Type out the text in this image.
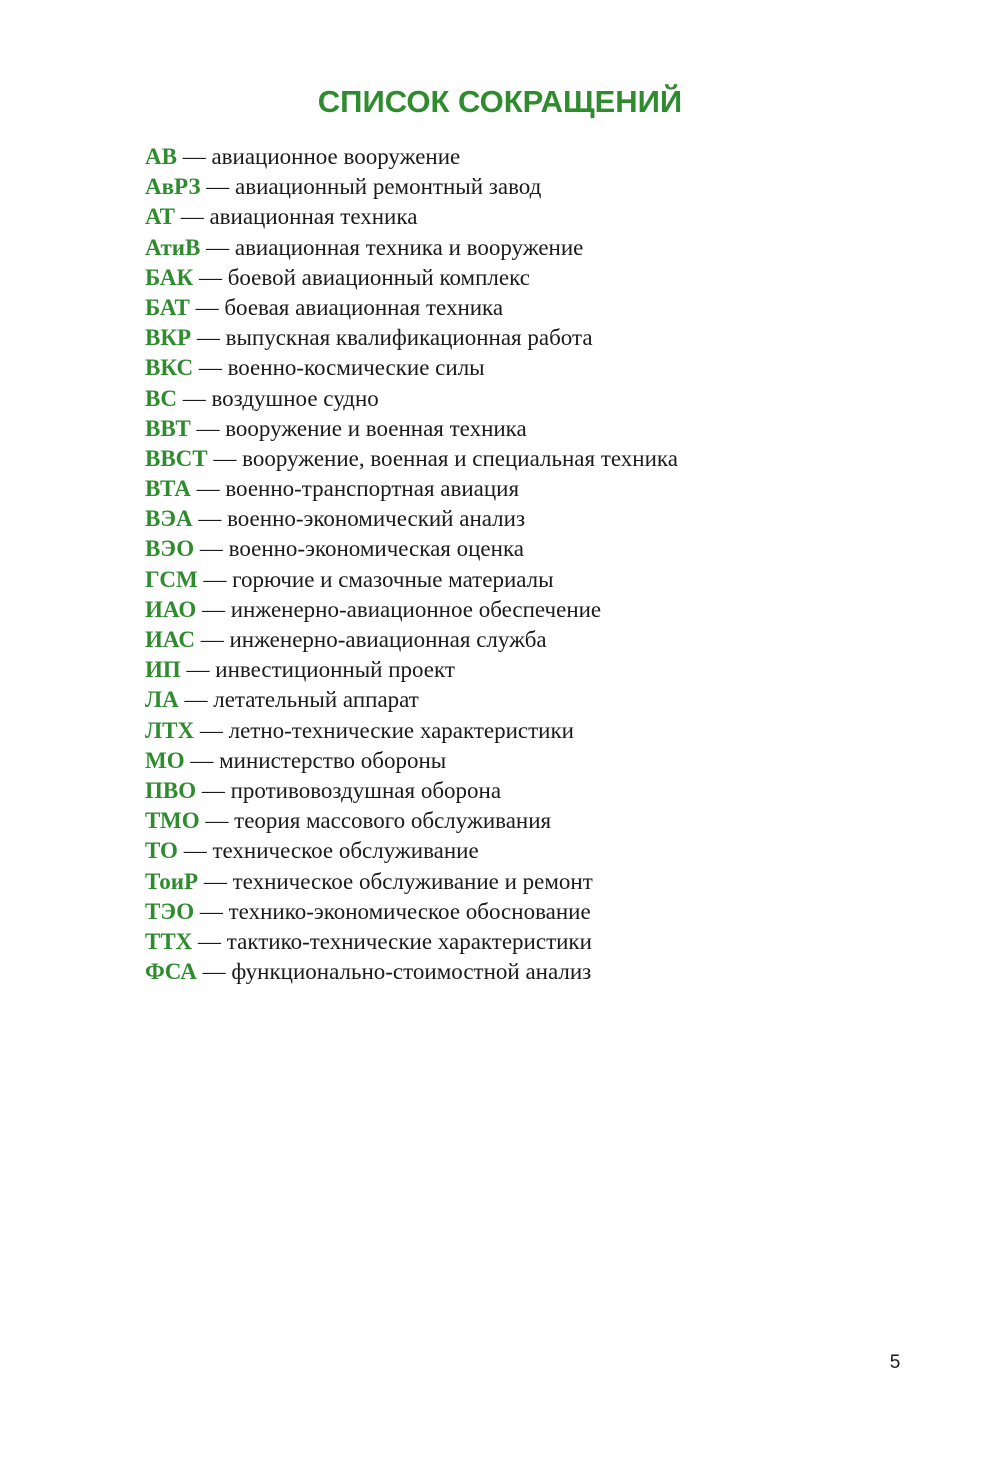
СПИСОК СОКРАЩЕНИЙ
АВ — авиационное вооружение
АвРЗ — авиационный ремонтный завод
АТ — авиационная техника
АтиВ — авиационная техника и вооружение
БАК — боевой авиационный комплекс
БАТ — боевая авиационная техника
ВКР — выпускная квалификационная работа
ВКС — военно-космические силы
ВС — воздушное судно
ВВТ — вооружение и военная техника
ВВСТ — вооружение, военная и специальная техника
ВТА — военно-транспортная авиация
ВЭА — военно-экономический анализ
ВЭО — военно-экономическая оценка
ГСМ — горючие и смазочные материалы
ИАО — инженерно-авиационное обеспечение
ИАС — инженерно-авиационная служба
ИП — инвестиционный проект
ЛА — летательный аппарат
ЛТХ — летно-технические характеристики
МО — министерство обороны
ПВО — противовоздушная оборона
ТМО — теория массового обслуживания
ТО — техническое обслуживание
ТоиР — техническое обслуживание и ремонт
ТЭО — технико-экономическое обоснование
ТТХ — тактико-технические характеристики
ФСА — функционально-стоимостной анализ
5
